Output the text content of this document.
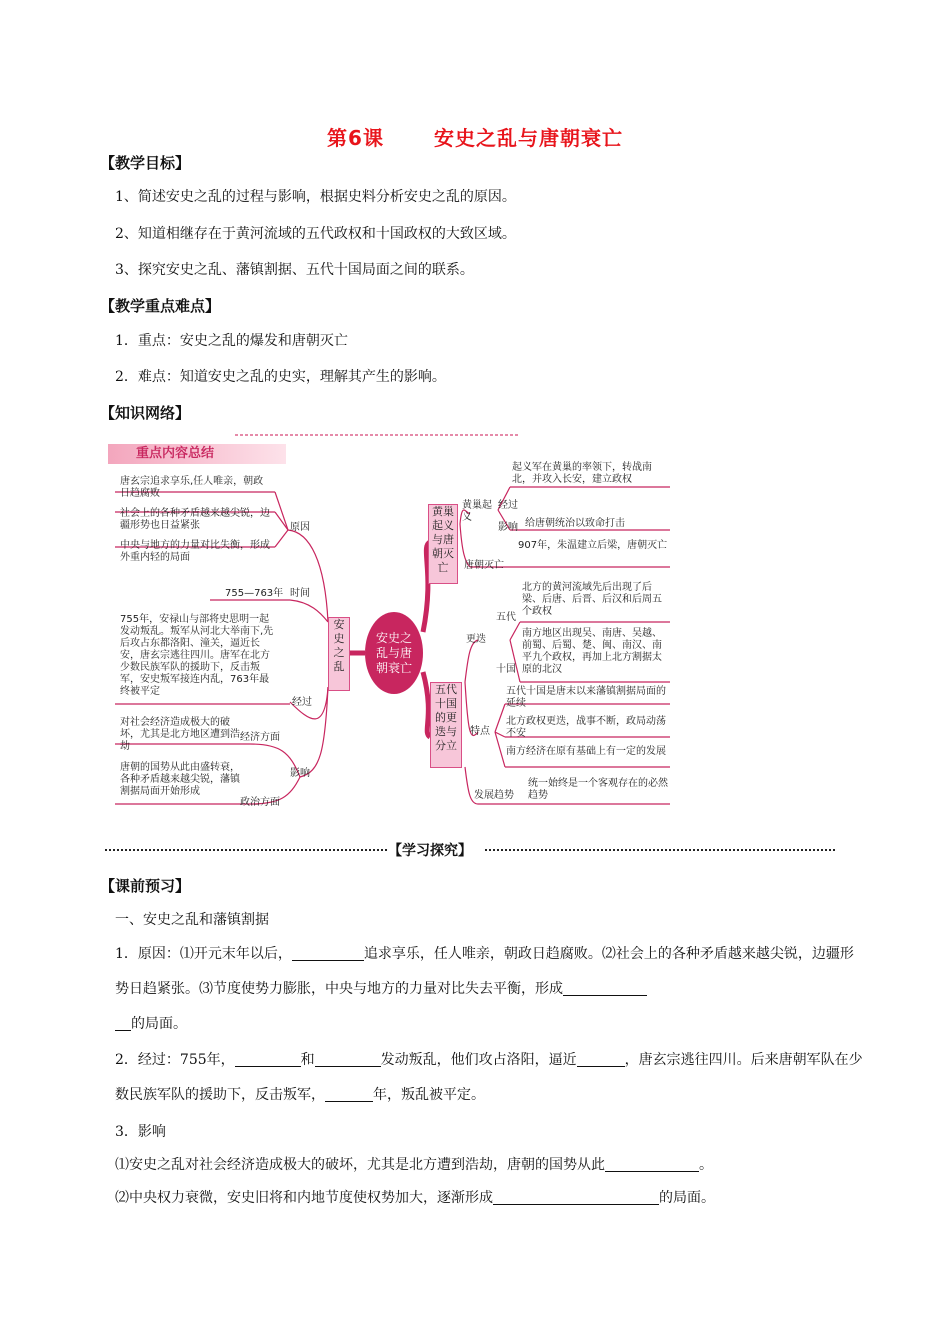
第6课	安史之乱与唐朝衰亡
【教学目标】
1、简述安史之乱的过程与影响，根据史料分析安史之乱的原因。
2、知道相继存在于黄河流域的五代政权和十国政权的大致区域。
3、探究安史之乱、藩镇割据、五代十国局面之间的联系。
【教学重点难点】
1．重点：安史之乱的爆发和唐朝灭亡
2．难点：知道安史之乱的史实，理解其产生的影响。
【知识网络】
重点内容总结
安史之乱与唐朝衰亡
安史之乱
黄巢起义与唐朝灭亡
五代十国的更迭与分立
唐玄宗追求享乐,任人唯亲，朝政日趋腐败
社会上的各种矛盾越来越尖锐，边疆形势也日益紧张
中央与地方的力量对比失衡，形成外重内轻的局面
原因
755—763年 时间
755年，安禄山与部将史思明一起发动叛乱。叛军从河北大举南下,先后攻占东都洛阳、潼关，逼近长安，唐玄宗逃往四川。唐军在北方少数民族军队的援助下，反击叛军，安史叛军接连内乱，763年最终被平定
经过
对社会经济造成极大的破坏，尤其是北方地区遭到浩劫
经济方面
影响
唐朝的国势从此由盛转衰，各种矛盾越来越尖锐，藩镇割据局面开始形成
政治方面
黄巢起义
经过
起义军在黄巢的率领下，转战南北，并攻入长安，建立政权
影响 给唐朝统治以致命打击
唐朝灭亡
907年，朱温建立后梁，唐朝灭亡
更迭
五代
北方的黄河流域先后出现了后梁、后唐、后晋、后汉和后周五个政权
十国
南方地区出现吴、南唐、吴越、前蜀、后蜀、楚、闽、南汉、南平九个政权，再加上北方割据太原的北汉
特点
五代十国是唐末以来藩镇割据局面的延续
北方政权更迭，战事不断，政局动荡不安
南方经济在原有基础上有一定的发展
发展趋势
统一始终是一个客观存在的必然趋势
【学习探究】
【课前预习】
一、安史之乱和藩镇割据
1．原因：⑴开元末年以后，	追求享乐，任人唯亲，朝政日趋腐败。⑵社会上的各种矛盾越来越尖锐，边疆形势日趋紧张。⑶节度使势力膨胀，中央与地方的力量对比失去平衡，形成
的局面。
2．经过：755年，	和	发动叛乱，他们攻占洛阳，逼近	，唐玄宗逃往四川。后来唐朝军队在少数民族军队的援助下，反击叛军，	年，叛乱被平定。
3．影响
⑴安史之乱对社会经济造成极大的破坏，尤其是北方遭到浩劫，唐朝的国势从此	。
⑵中央权力衰微，安史旧将和内地节度使权势加大，逐渐形成	的局面。
